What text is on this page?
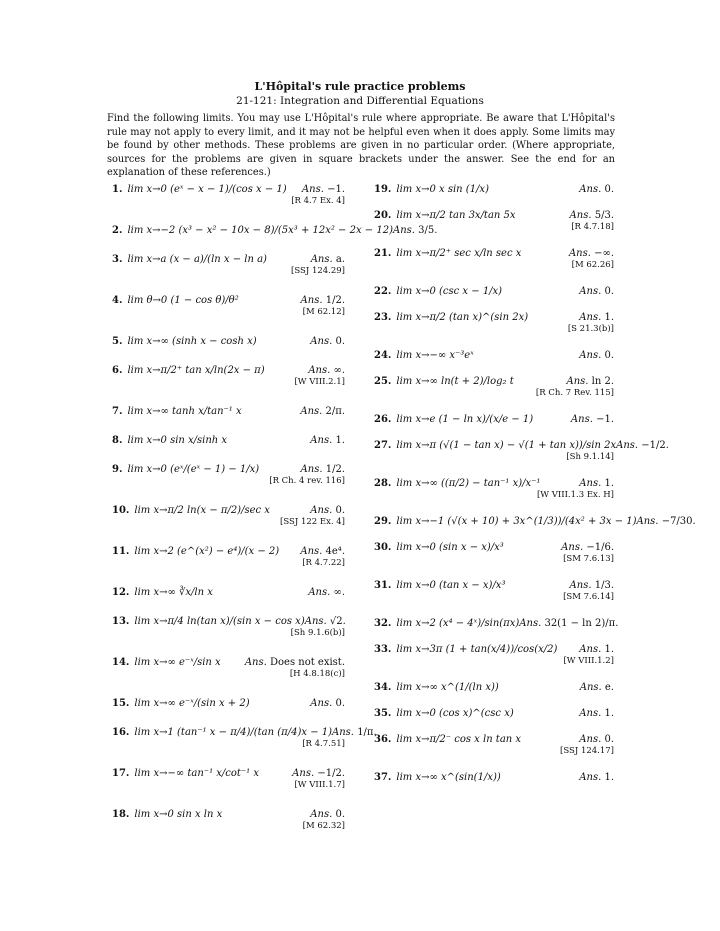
L'Hôpital's rule practice problems
21-121: Integration and Differential Equations

Find the following limits. You may use L'Hôpital's rule where appropriate. Be aware that L'Hôpital's rule may not apply to every limit, and it may not be helpful even when it does apply. Some limits may be found by other methods. These problems are given in no particular order. (Where appropriate, sources for the problems are given in square brackets under the answer. See the end for an explanation of these references.)

1. lim x→0 (eˣ − x − 1)/(cos x − 1) Ans. −1.
[R 4.7 Ex. 4]
2. lim x→−2 (x³ − x² − 10x − 8)/(5x³ + 12x² − 2x − 12) Ans. 3/5.
3. lim x→a (x − a)/(ln x − ln a)	Ans. a.
[SSJ 124.29]
4. lim θ→0 (1 − cos θ)/θ²	Ans. 1/2.
[M 62.12]
5. lim x→∞ (sinh x − cosh x)	Ans. 0.
6. lim x→π/2⁺ tan x/ln(2x − π)	Ans. ∞.
[W VIII.2.1]
7. lim x→∞ tanh x/tan⁻¹ x	Ans. 2/π.
8. lim x→0 sin x/sinh x	Ans. 1.
9. lim x→0 (eˣ/(eˣ − 1) − 1/x)	Ans. 1/2.
[R Ch. 4 rev. 116]
10. lim x→π/2 ln(x − π/2)/sec x	Ans. 0.
[SSJ 122 Ex. 4]
11. lim x→2 (e^(x²) − e⁴)/(x − 2) Ans. 4e⁴.
[R 4.7.22]
12. lim x→∞ ∛x/ln x	Ans. ∞.
13. lim x→π/4 ln(tan x)/(sin x − cos x) Ans. √2.
[Sh 9.1.6(b)]
14. lim x→∞ e⁻ˣ/sin x Ans. Does not exist.
[H 4.8.18(c)]
15. lim x→∞ e⁻ˣ/(sin x + 2)	Ans. 0.
16. lim x→1 (tan⁻¹ x − π/4)/(tan (π/4)x − 1) Ans. 1/π.
[R 4.7.51]
17. lim x→−∞ tan⁻¹ x/cot⁻¹ x	Ans. −1/2.
[W VIII.1.7]
18. lim x→0 sin x ln x	Ans. 0.
[M 62.32]
19. lim x→0 x sin (1/x)	Ans. 0.
20. lim x→π/2 tan 3x/tan 5x	Ans. 5/3.
[R 4.7.18]
21. lim x→π/2⁺ sec x/ln sec x	Ans. −∞.
[M 62.26]
22. lim x→0 (csc x − 1/x)	Ans. 0.
23. lim x→π/2 (tan x)^(sin 2x)	Ans. 1.
[S 21.3(b)]
24. lim x→−∞ x⁻³eˣ	Ans. 0.
25. lim x→∞ ln(t + 2)/log₂ t	Ans. ln 2.
[R Ch. 7 Rev. 115]
26. lim x→e (1 − ln x)/(x/e − 1)	Ans. −1.
27. lim x→π (√(1 − tan x) − √(1 + tan x))/sin 2x Ans. −1/2.
[Sh 9.1.14]
28. lim x→∞ ((π/2) − tan⁻¹ x)/x⁻¹	Ans. 1.
[W VIII.1.3 Ex. H]
29. lim x→−1 (√(x + 10) + 3x^(1/3))/(4x² + 3x − 1) Ans. −7/30.
30. lim x→0 (sin x − x)/x³	Ans. −1/6.
[SM 7.6.13]
31. lim x→0 (tan x − x)/x³	Ans. 1/3.
[SM 7.6.14]
32. lim x→2 (x⁴ − 4ˣ)/sin(πx) Ans. 32(1 − ln 2)/π.
33. lim x→3π (1 + tan(x/4))/cos(x/2) Ans. 1.
[W VIII.1.2]
34. lim x→∞ x^(1/(ln x))	Ans. e.
35. lim x→0 (cos x)^(csc x)	Ans. 1.
36. lim x→π/2⁻ cos x ln tan x	Ans. 0.
[SSJ 124.17]
37. lim x→∞ x^(sin(1/x))	Ans. 1.
